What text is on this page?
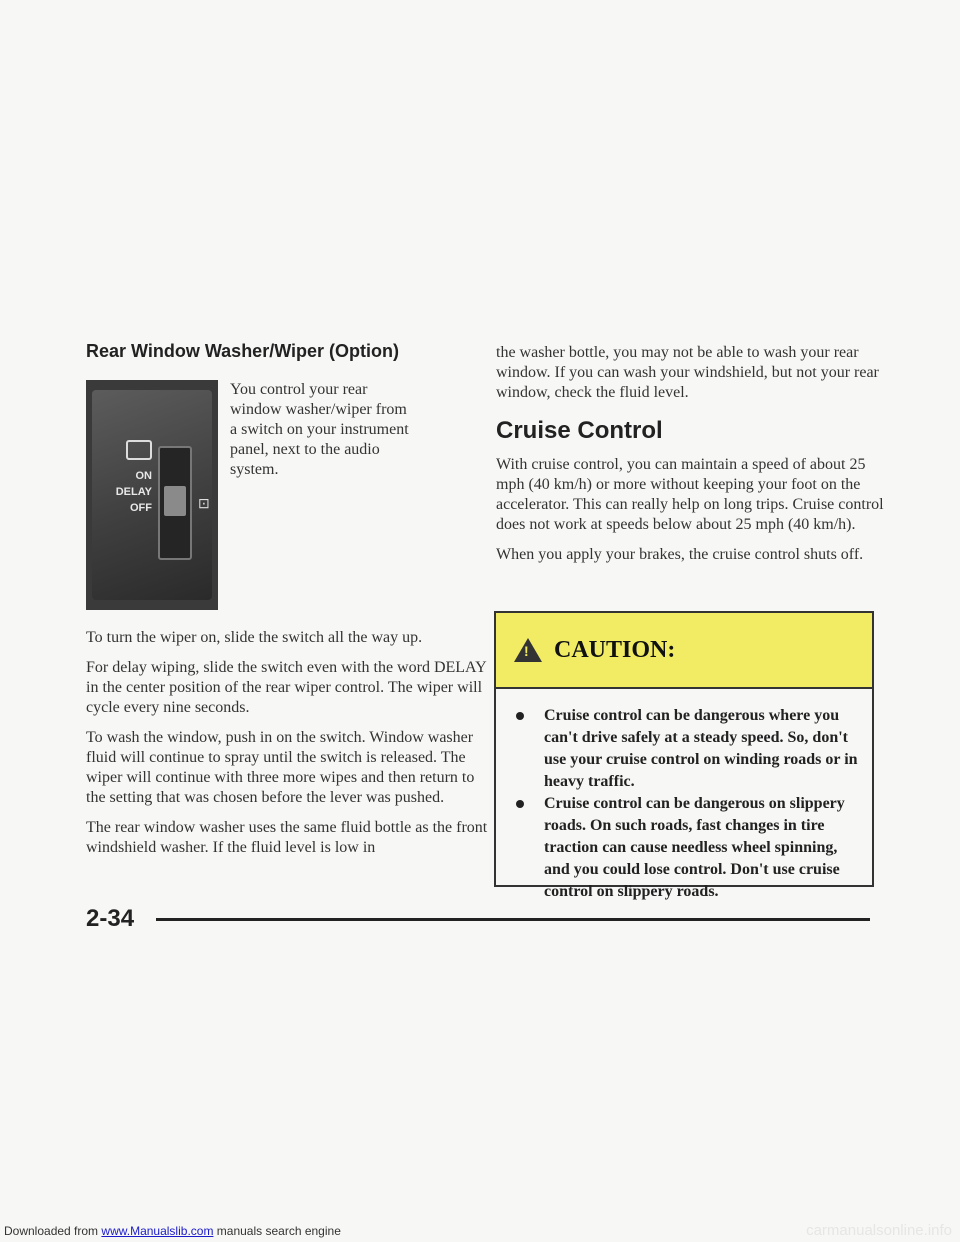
Rear Window Washer/Wiper (Option)
ON
DELAY
OFF	⊡

You control your rear window washer/wiper from a switch on your instrument panel, next to the audio system.

To turn the wiper on, slide the switch all the way up.

For delay wiping, slide the switch even with the word DELAY in the center position of the rear wiper control. The wiper will cycle every nine seconds.

To wash the window, push in on the switch. Window washer fluid will continue to spray until the switch is released. The wiper will continue with three more wipes and then return to the setting that was chosen before the lever was pushed.

The rear window washer uses the same fluid bottle as the front windshield washer. If the fluid level is low in

the washer bottle, you may not be able to wash your rear window. If you can wash your windshield, but not your rear window, check the fluid level.

Cruise Control

With cruise control, you can maintain a speed of about 25 mph (40 km/h) or more without keeping your foot on the accelerator. This can really help on long trips. Cruise control does not work at speeds below about 25 mph (40 km/h).

When you apply your brakes, the cruise control shuts off.

!
CAUTION:
Cruise control can be dangerous where you can't drive safely at a steady speed. So, don't use your cruise control on winding roads or in heavy traffic.
Cruise control can be dangerous on slippery roads. On such roads, fast changes in tire traction can cause needless wheel spinning, and you could lose control. Don't use cruise control on slippery roads.
2-34
Downloaded from www.Manualslib.com manuals search engine	carmanualsonline.info
